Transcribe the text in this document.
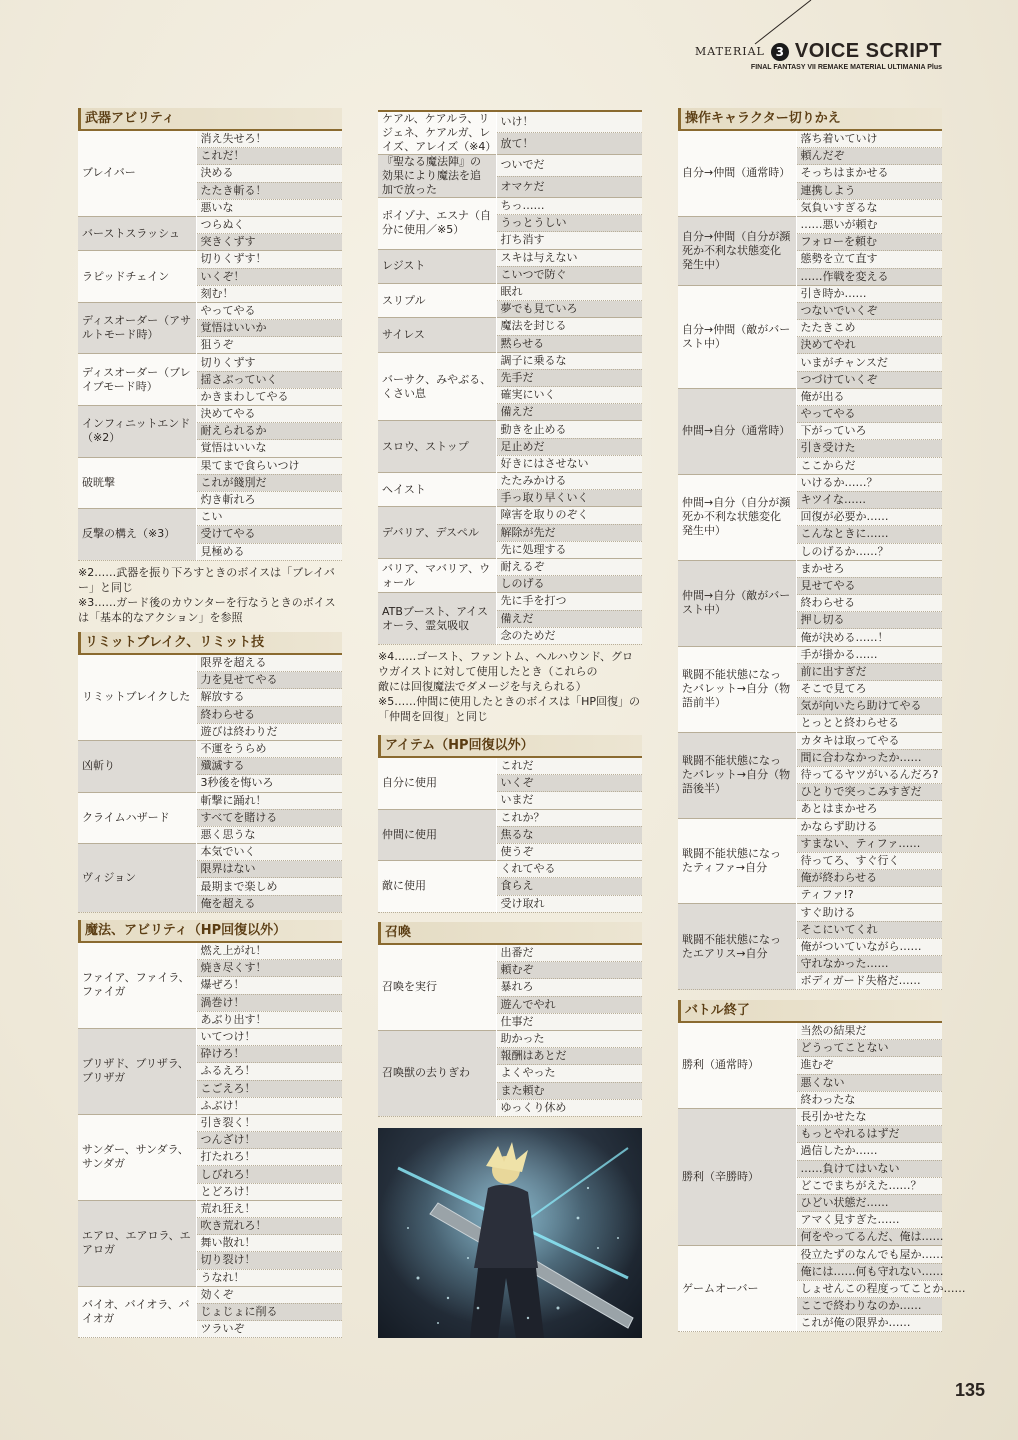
MATERIAL 3 VOICE SCRIPT
FINAL FANTASY VII REMAKE MATERIAL ULTIMANIA Plus
武器アビリティ
ブレイバー	消え失せろ！
	これだ！
	決める
	たたき斬る！
	悪いな
バーストスラッシュ	つらぬく
	突きくずす
ラピッドチェイン	切りくずす！
	いくぞ！
	刻む！
ディスオーダー（アサルトモード時）	やってやる
	覚悟はいいか
	狙うぞ
ディスオーダー（ブレイブモード時）	切りくずす
	揺さぶっていく
	かきまわしてやる
インフィニットエンド（※2）	決めてやる
	耐えられるか
	覚悟はいいな
破晄撃	果てまで食らいつけ
	これが餞別だ
	灼き斬れろ
反撃の構え（※3）	こい
	受けてやる
	見極める
※2……武器を振り下ろすときのボイスは「ブレイバ
ー」と同じ
※3……ガード後のカウンターを行なうときのボイス
は「基本的なアクション」を参照
リミットブレイク、リミット技
リミットブレイクした	限界を超える
	力を見せてやる
	解放する
	終わらせる
	遊びは終わりだ
凶斬り	不運をうらめ
	殲滅する
	3秒後を悔いろ
クライムハザード	斬撃に踊れ！
	すべてを賭ける
	悪く思うな
ヴィジョン	本気でいく
	限界はない
	最期まで楽しめ
	俺を超える
魔法、アビリティ（HP回復以外）
ファイア、ファイラ、ファイガ	燃え上がれ！
	焼き尽くす！
	爆ぜろ！
	渦巻け！
	あぶり出す！
ブリザド、ブリザラ、ブリザガ	いてつけ！
	砕けろ！
	ふるえろ！
	こごえろ！
	ふぶけ！
サンダー、サンダラ、サンダガ	引き裂く！
	つんざけ！
	打たれろ！
	しびれろ！
	とどろけ！
エアロ、エアロラ、エアロガ	荒れ狂え！
	吹き荒れろ！
	舞い散れ！
	切り裂け！
	うなれ！
バイオ、バイオラ、バイオガ	効くぞ
	じょじょに削る
	ツラいぞ
ケアル、ケアルラ、リジェネ、ケアルガ、レイズ、アレイズ（※4）	いけ！
	放て！
『聖なる魔法陣』の効果により魔法を追加で放った	ついでだ
	オマケだ
ポイゾナ、エスナ（自分に使用／※5）	ちっ……
	うっとうしい
	打ち消す
レジスト	スキは与えない
	こいつで防ぐ
スリプル	眠れ
	夢でも見ていろ
サイレス	魔法を封じる
	黙らせる
バーサク、みやぶる、くさい息	調子に乗るな
	先手だ
	確実にいく
	備えだ
スロウ、ストップ	動きを止める
	足止めだ
	好きにはさせない
ヘイスト	たたみかける
	手っ取り早くいく
デバリア、デスペル	障害を取りのぞく
	解除が先だ
	先に処理する
バリア、マバリア、ウォール	耐えるぞ
	しのげる
ATBブースト、アイスオーラ、霊気吸収	先に手を打つ
	備えだ
	念のためだ
※4……ゴースト、ファントム、ヘルハウンド、グロ
ウガイストに対して使用したとき（これらの
敵には回復魔法でダメージを与えられる）
※5……仲間に使用したときのボイスは「HP回復」の
「仲間を回復」と同じ
アイテム（HP回復以外）
自分に使用	これだ
	いくぞ
	いまだ
仲間に使用	これか？
	焦るな
	使うぞ
敵に使用	くれてやる
	食らえ
	受け取れ
召喚
召喚を実行	出番だ
	頼むぞ
	暴れろ
	遊んでやれ
	仕事だ
召喚獣の去りぎわ	助かった
	報酬はあとだ
	よくやった
	また頼む
	ゆっくり休め
操作キャラクター切りかえ
自分→仲間（通常時）	落ち着いていけ
	頼んだぞ
	そっちはまかせる
	連携しよう
	気負いすぎるな
自分→仲間（自分が瀕死か不利な状態変化発生中）	……悪いが頼む
	フォローを頼む
	態勢を立て直す
	……作戦を変える
自分→仲間（敵がバースト中）	引き時か……
	つないでいくぞ
	たたきこめ
	決めてやれ
	いまがチャンスだ
	つづけていくぞ
仲間→自分（通常時）	俺が出る
	やってやる
	下がっていろ
	引き受けた
	ここからだ
仲間→自分（自分が瀕死か不利な状態変化発生中）	いけるか……？
	キツイな……
	回復が必要か……
	こんなときに……
	しのげるか……？
仲間→自分（敵がバースト中）	まかせろ
	見せてやる
	終わらせる
	押し切る
	俺が決める……！
戦闘不能状態になったバレット→自分（物語前半）	手が掛かる……
	前に出すぎだ
	そこで見てろ
	気が向いたら助けてやる
	とっとと終わらせる
戦闘不能状態になったバレット→自分（物語後半）	カタキは取ってやる
	間に合わなかったか……
	待ってるヤツがいるんだろ?
	ひとりで突っこみすぎだ
	あとはまかせろ
戦闘不能状態になったティファ→自分	かならず助ける
	すまない、ティファ……
	待ってろ、すぐ行く
	俺が終わらせる
	ティファ!?
戦闘不能状態になったエアリス→自分	すぐ助ける
	そこにいてくれ
	俺がついていながら……
	守れなかった……
	ボディガード失格だ……
バトル終了
勝利（通常時）	当然の結果だ
	どうってことない
	進むぞ
	悪くない
	終わったな
勝利（辛勝時）	長引かせたな
	もっとやれるはずだ
	過信したか……
	……負けてはいない
	どこでまちがえた……？
	ひどい状態だ……
	アマく見すぎた……
	何をやってるんだ、俺は……
ゲームオーバー	役立たずのなんでも屋か……
	俺には……何も守れない……
	しょせんこの程度ってことか……
	ここで終わりなのか……
	これが俺の限界か……
135
